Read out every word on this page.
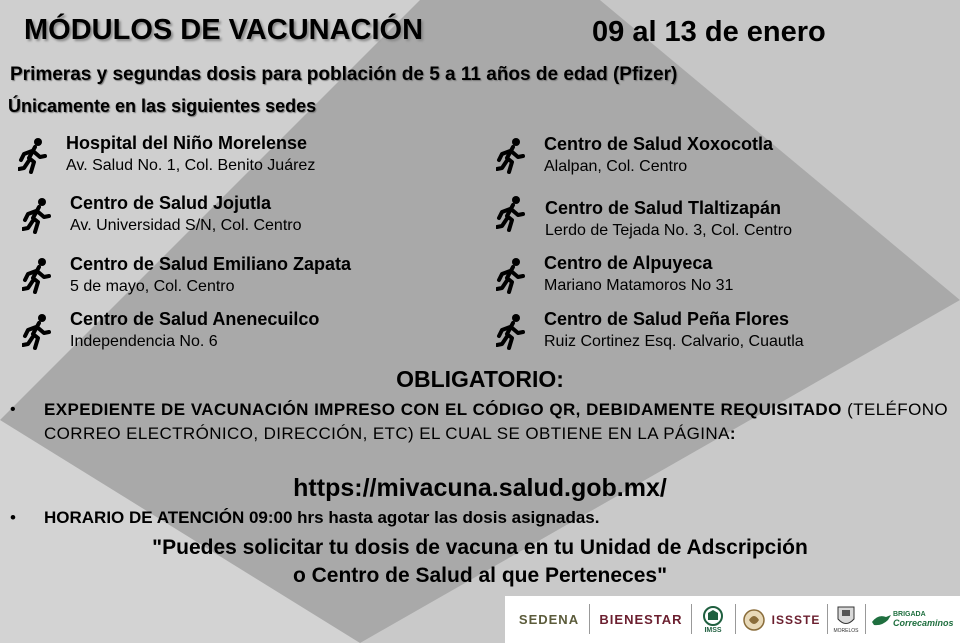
MÓDULOS DE VACUNACIÓN	09 al 13 de enero
Primeras y segundas dosis para población de 5 a 11 años de edad (Pfizer)
Únicamente en las siguientes sedes
Hospital del Niño Morelense
Av. Salud No. 1, Col. Benito Juárez
Centro de Salud Jojutla
Av. Universidad S/N, Col. Centro
Centro de Salud Emiliano Zapata
5 de mayo, Col. Centro
Centro de Salud Anenecuilco
Independencia No. 6
Centro de Salud Xoxocotla
Alalpan, Col. Centro
Centro de Salud Tlaltizapán
Lerdo de Tejada No. 3, Col. Centro
Centro de Alpuyeca
Mariano Matamoros No 31
Centro de Salud Peña Flores
Ruiz Cortinez Esq. Calvario, Cuautla
OBLIGATORIO:
• EXPEDIENTE DE VACUNACIÓN IMPRESO CON EL CÓDIGO QR, DEBIDAMENTE REQUISITADO (TELÉFONO CORREO ELECTRÓNICO, DIRECCIÓN, ETC) EL CUAL SE OBTIENE EN LA PÁGINA:
https://mivacuna.salud.gob.mx/
• HORARIO DE ATENCIÓN 09:00 hrs hasta agotar las dosis asignadas.
"Puedes solicitar tu dosis de vacuna en tu Unidad de Adscripción
o Centro de Salud al que Perteneces"
SEDENA BIENESTAR
IMSS
ISSSTE
MORELOS
BRIGADA
Correcaminos
